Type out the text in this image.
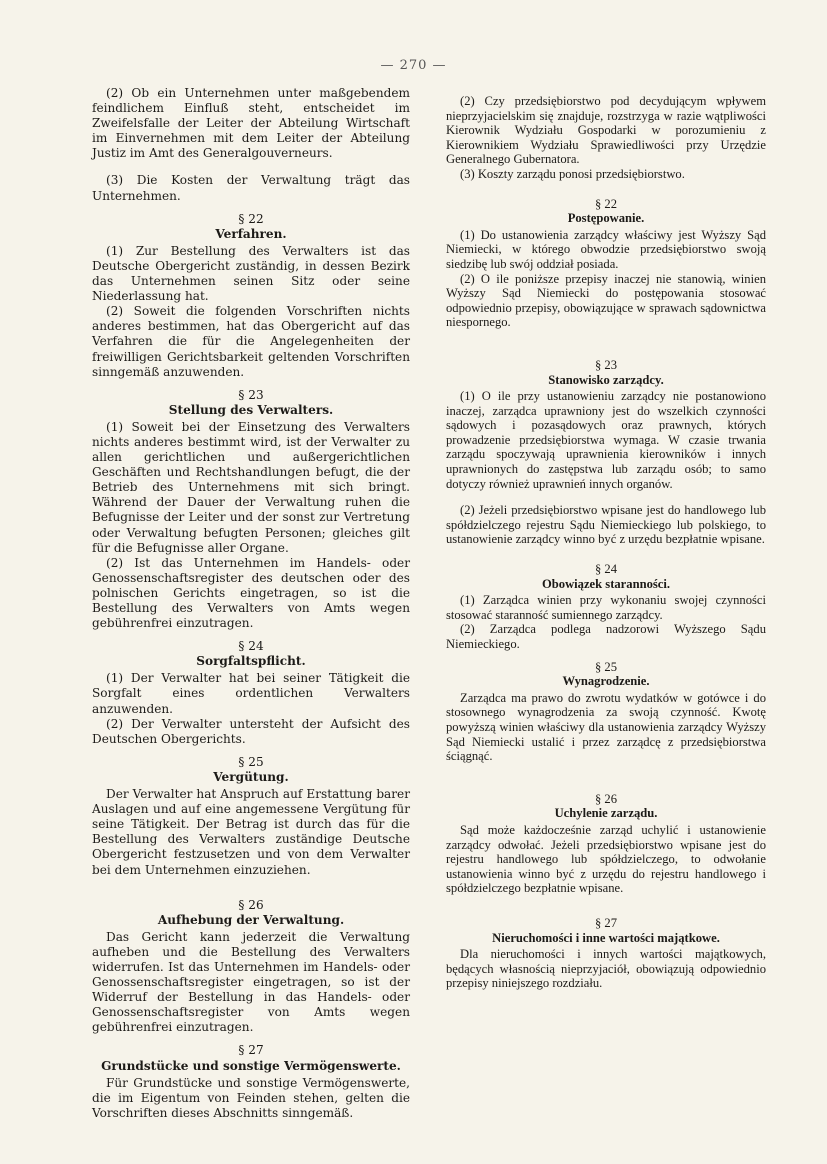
— 270 —

(2) Ob ein Unternehmen unter maßgebendem feindlichem Einfluß steht, entscheidet im Zweifelsfalle der Leiter der Abteilung Wirtschaft im Einvernehmen mit dem Leiter der Abteilung Justiz im Amt des Generalgouverneurs.

(3) Die Kosten der Verwaltung trägt das Unternehmen.

§ 22

Verfahren.

(1) Zur Bestellung des Verwalters ist das Deutsche Obergericht zuständig, in dessen Bezirk das Unternehmen seinen Sitz oder seine Niederlassung hat.

(2) Soweit die folgenden Vorschriften nichts anderes bestimmen, hat das Obergericht auf das Verfahren die für die Angelegenheiten der freiwilligen Gerichtsbarkeit geltenden Vorschriften sinngemäß anzuwenden.

§ 23

Stellung des Verwalters.

(1) Soweit bei der Einsetzung des Verwalters nichts anderes bestimmt wird, ist der Verwalter zu allen gerichtlichen und außergerichtlichen Geschäften und Rechtshandlungen befugt, die der Betrieb des Unternehmens mit sich bringt. Während der Dauer der Verwaltung ruhen die Befugnisse der Leiter und der sonst zur Vertretung oder Verwaltung befugten Personen; gleiches gilt für die Befugnisse aller Organe.

(2) Ist das Unternehmen im Handels- oder Genossenschaftsregister des deutschen oder des polnischen Gerichts eingetragen, so ist die Bestellung des Verwalters von Amts wegen gebührenfrei einzutragen.

§ 24

Sorgfaltspflicht.

(1) Der Verwalter hat bei seiner Tätigkeit die Sorgfalt eines ordentlichen Verwalters anzuwenden.

(2) Der Verwalter untersteht der Aufsicht des Deutschen Obergerichts.

§ 25

Vergütung.

Der Verwalter hat Anspruch auf Erstattung barer Auslagen und auf eine angemessene Vergütung für seine Tätigkeit. Der Betrag ist durch das für die Bestellung des Verwalters zuständige Deutsche Obergericht festzusetzen und von dem Verwalter bei dem Unternehmen einzuziehen.

§ 26

Aufhebung der Verwaltung.

Das Gericht kann jederzeit die Verwaltung aufheben und die Bestellung des Verwalters widerrufen. Ist das Unternehmen im Handels- oder Genossenschaftsregister eingetragen, so ist der Widerruf der Bestellung in das Handels- oder Genossenschaftsregister von Amts wegen gebührenfrei einzutragen.

§ 27

Grundstücke und sonstige Vermögenswerte.

Für Grundstücke und sonstige Vermögenswerte, die im Eigentum von Feinden stehen, gelten die Vorschriften dieses Abschnitts sinngemäß.

(2) Czy przedsiębiorstwo pod decydującym wpływem nieprzyjacielskim się znajduje, rozstrzyga w razie wątpliwości Kierownik Wydziału Gospodarki w porozumieniu z Kierownikiem Wydziału Sprawiedliwości przy Urzędzie Generalnego Gubernatora.

(3) Koszty zarządu ponosi przedsiębiorstwo.

§ 22

Postępowanie.

(1) Do ustanowienia zarządcy właściwy jest Wyższy Sąd Niemiecki, w którego obwodzie przedsiębiorstwo swoją siedzibę lub swój oddział posiada.

(2) O ile poniższe przepisy inaczej nie stanowią, winien Wyższy Sąd Niemiecki do postępowania stosować odpowiednio przepisy, obowiązujące w sprawach sądownictwa niespornego.

§ 23

Stanowisko zarządcy.

(1) O ile przy ustanowieniu zarządcy nie postanowiono inaczej, zarządca uprawniony jest do wszelkich czynności sądowych i pozasądowych oraz prawnych, których prowadzenie przedsiębiorstwa wymaga. W czasie trwania zarządu spoczywają uprawnienia kierowników i innych uprawnionych do zastępstwa lub zarządu osób; to samo dotyczy również uprawnień innych organów.

(2) Jeżeli przedsiębiorstwo wpisane jest do handlowego lub spółdzielczego rejestru Sądu Niemieckiego lub polskiego, to ustanowienie zarządcy winno być z urzędu bezpłatnie wpisane.

§ 24

Obowiązek staranności.

(1) Zarządca winien przy wykonaniu swojej czynności stosować staranność sumiennego zarządcy.

(2) Zarządca podlega nadzorowi Wyższego Sądu Niemieckiego.

§ 25

Wynagrodzenie.

Zarządca ma prawo do zwrotu wydatków w gotówce i do stosownego wynagrodzenia za swoją czynność. Kwotę powyższą winien właściwy dla ustanowienia zarządcy Wyższy Sąd Niemiecki ustalić i przez zarządcę z przedsiębiorstwa ściągnąć.

§ 26

Uchylenie zarządu.

Sąd może każdocześnie zarząd uchylić i ustanowienie zarządcy odwołać. Jeżeli przedsiębiorstwo wpisane jest do rejestru handlowego lub spółdzielczego, to odwołanie ustanowienia winno być z urzędu do rejestru handlowego i spółdzielczego bezpłatnie wpisane.

§ 27

Nieruchomości i inne wartości majątkowe.

Dla nieruchomości i innych wartości majątkowych, będących własnością nieprzyjaciół, obowiązują odpowiednio przepisy niniejszego rozdziału.
